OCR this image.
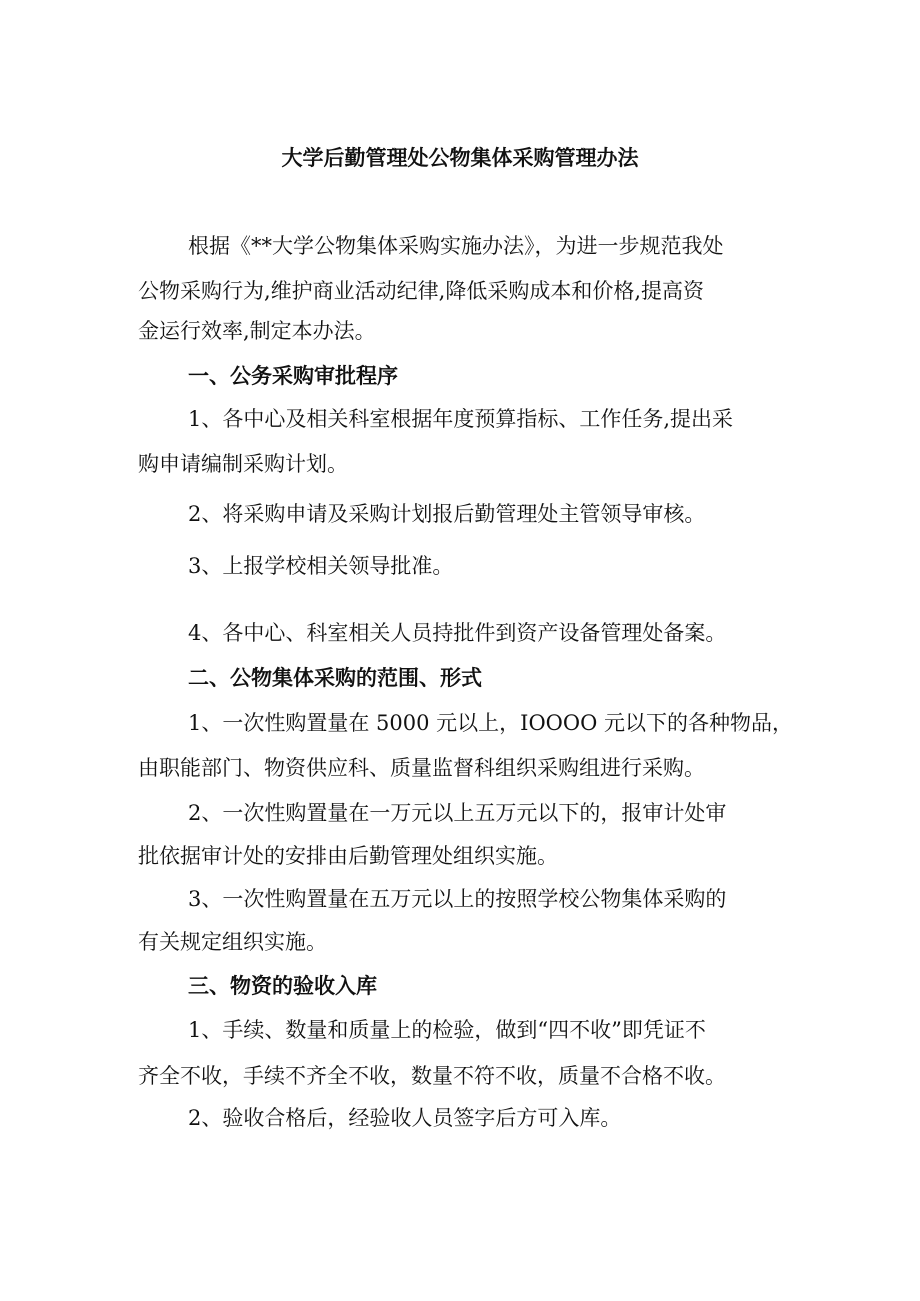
大学后勤管理处公物集体采购管理办法
根据《**大学公物集体采购实施办法》，为进一步规范我处
公物采购行为,维护商业活动纪律,降低采购成本和价格,提高资
金运行效率,制定本办法。
一、公务采购审批程序
1、各中心及相关科室根据年度预算指标、工作任务,提出采
购申请编制采购计划。
2、将采购申请及采购计划报后勤管理处主管领导审核。
3、上报学校相关领导批准。
4、各中心、科室相关人员持批件到资产设备管理处备案。
二、公物集体采购的范围、形式
1、一次性购置量在 5000 元以上，IOOOO 元以下的各种物品，
由职能部门、物资供应科、质量监督科组织采购组进行采购。
2、一次性购置量在一万元以上五万元以下的，报审计处审
批依据审计处的安排由后勤管理处组织实施。
3、一次性购置量在五万元以上的按照学校公物集体采购的
有关规定组织实施。
三、物资的验收入库
1、手续、数量和质量上的检验，做到“四不收”即凭证不
齐全不收，手续不齐全不收，数量不符不收，质量不合格不收。
2、验收合格后，经验收人员签字后方可入库。
